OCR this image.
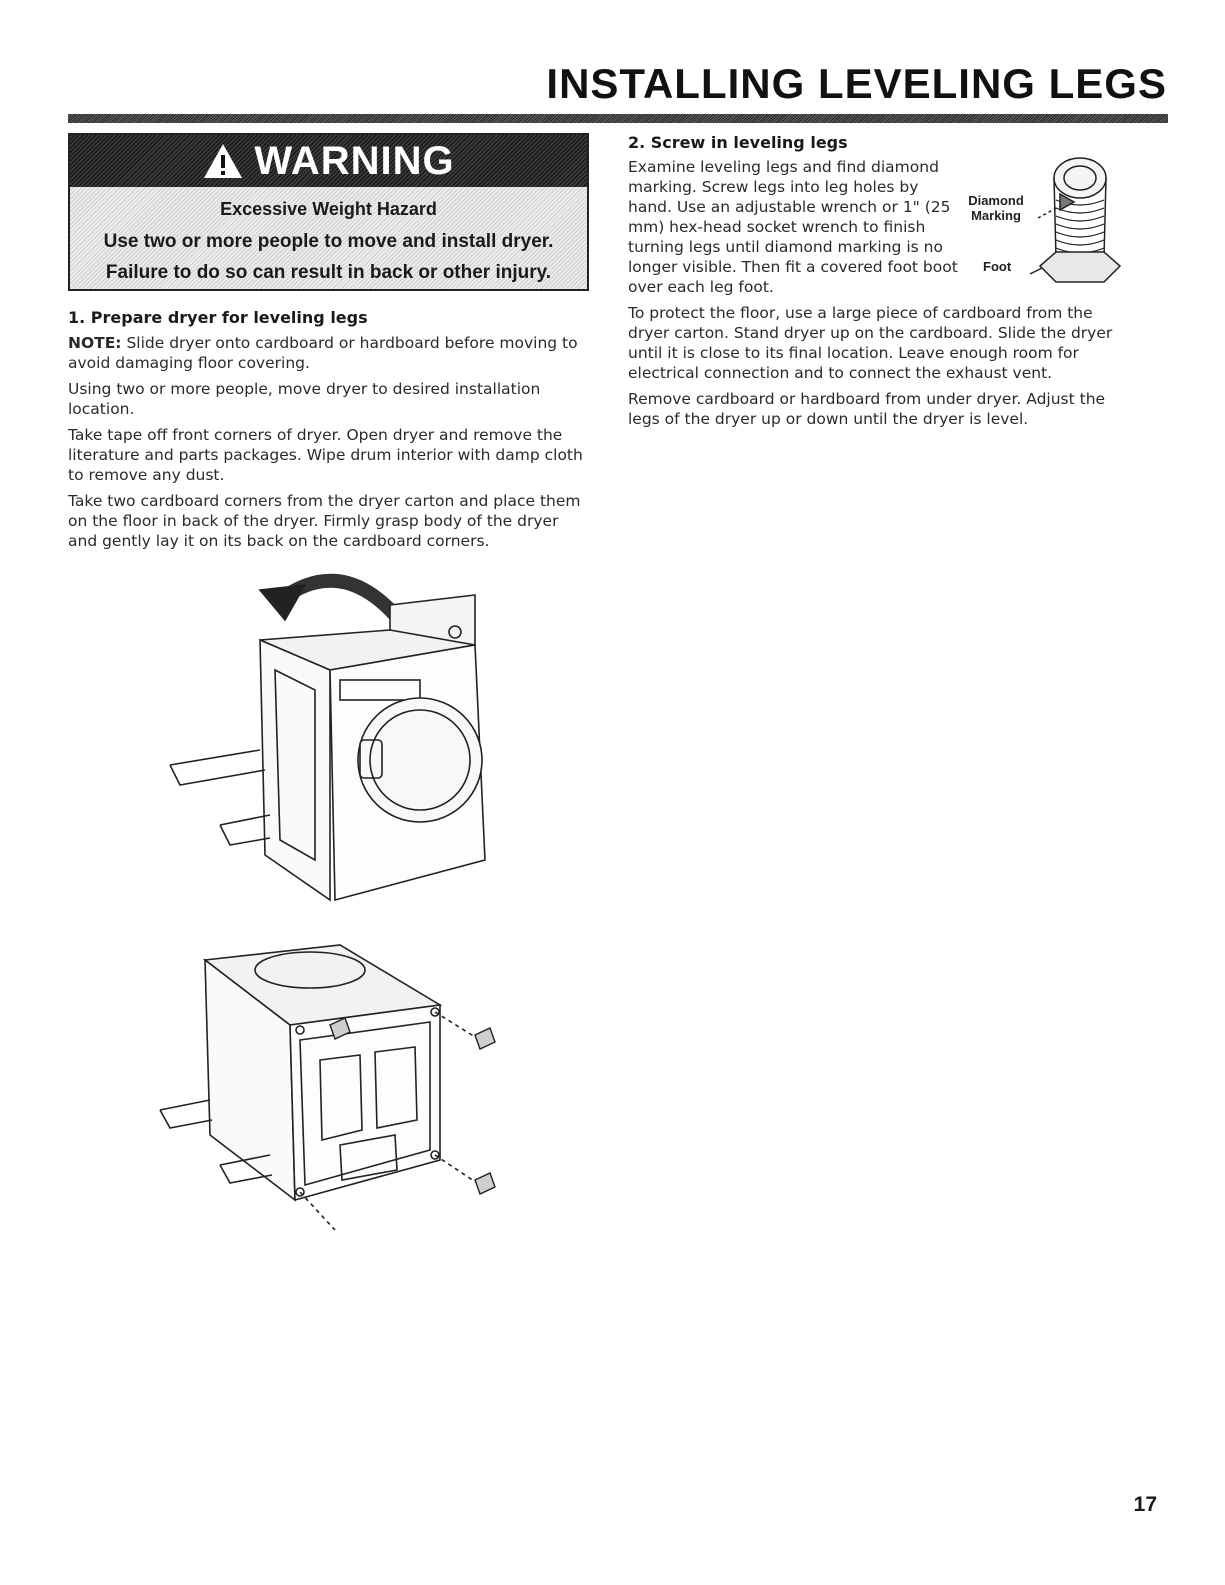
INSTALLING LEVELING LEGS
WARNING
Excessive Weight Hazard
Use two or more people to move and install dryer.
Failure to do so can result in back or other injury.
1. Prepare dryer for leveling legs
NOTE: Slide dryer onto cardboard or hardboard before moving to avoid damaging floor covering.
Using two or more people, move dryer to desired installation location.
Take tape off front corners of dryer. Open dryer and remove the literature and parts packages. Wipe drum interior with damp cloth to remove any dust.
Take two cardboard corners from the dryer carton and place them on the floor in back of the dryer. Firmly grasp body of the dryer and gently lay it on its back on the cardboard corners.
2. Screw in leveling legs
Examine leveling legs and find diamond marking. Screw legs into leg holes by hand. Use an adjustable wrench or 1" (25 mm) hex-head socket wrench to finish turning legs until diamond marking is no longer visible. Then fit a covered foot boot over each leg foot.
Diamond Marking
Foot
To protect the floor, use a large piece of cardboard from the dryer carton. Stand dryer up on the cardboard. Slide the dryer until it is close to its final location. Leave enough room for electrical connection and to connect the exhaust vent.
Remove cardboard or hardboard from under dryer. Adjust the legs of the dryer up or down until the dryer is level.
17
